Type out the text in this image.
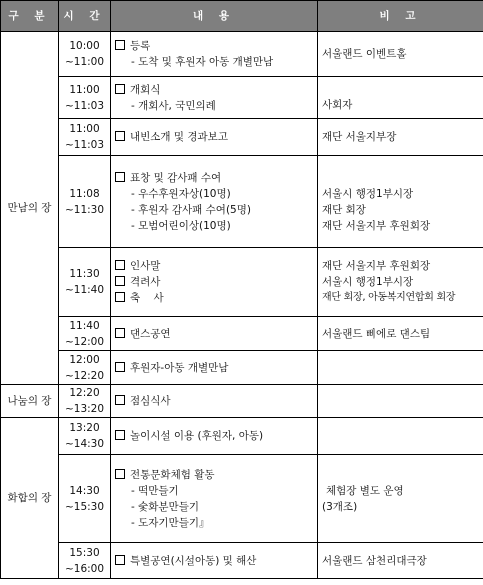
구 분	시 간	내 용	비 고
만남의 장	10:00
~11:00	등록
- 도착 및 후원자 아동 개별만남	서울랜드 이벤트홀

	11:00
~11:03	개회식
- 개회사, 국민의례	사회자

	11:00
~11:03	내빈소개 및 경과보고	재단 서울지부장

	11:08
~11:30	표창 및 감사패 수여
- 우수후원자상(10명)
- 후원자 감사패 수여(5명)
- 모범어린이상(10명)	서울시 행정1부시장
재단 회장
재단 서울지부 후원회장

	11:30
~11:40	인사말
격려사
축    사	재단 서울지부 후원회장
서울시 행정1부시장
재단 회장, 아동복지연합회 회장

	11:40
~12:00	댄스공연	서울랜드 삐에로 댄스팀

	12:00
~12:20	후원자-아동 개별만남	

나눔의 장	12:20
~13:20	점심식사	

화합의 장	13:20
~14:30	놀이시설 이용 (후원자, 아동)	

	14:30
~15:30	전통문화체험 활동
- 떡만들기
- 숯화분만들기
- 도자기만들기』	체험장 별도 운영
(3개조)

	15:30
~16:00	특별공연(시설아동) 및 해산	서울랜드 삼천리대극장
